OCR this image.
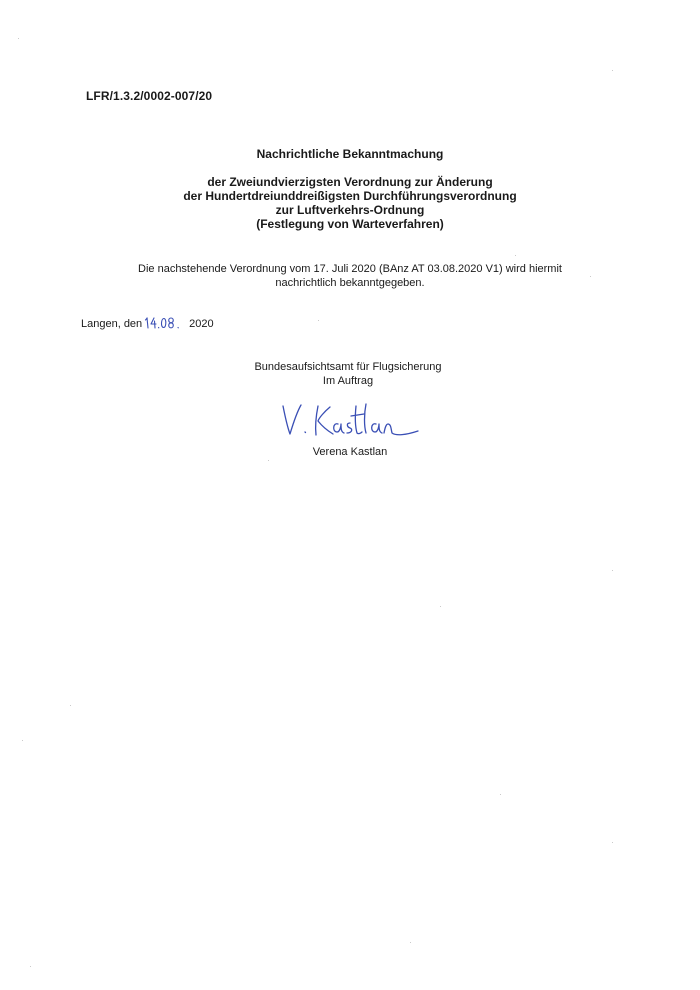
LFR/1.3.2/0002-007/20
Nachrichtliche Bekanntmachung
der Zweiundvierzigsten Verordnung zur Änderung
der Hundertdreiunddreißigsten Durchführungsverordnung
zur Luftverkehrs-Ordnung
(Festlegung von Warteverfahren)
Die nachstehende Verordnung vom 17. Juli 2020 (BAnz AT 03.08.2020 V1) wird hiermit
nachrichtlich bekanntgegeben.
Langen, den	2020
Bundesaufsichtsamt für Flugsicherung
Im Auftrag
Verena Kastlan
